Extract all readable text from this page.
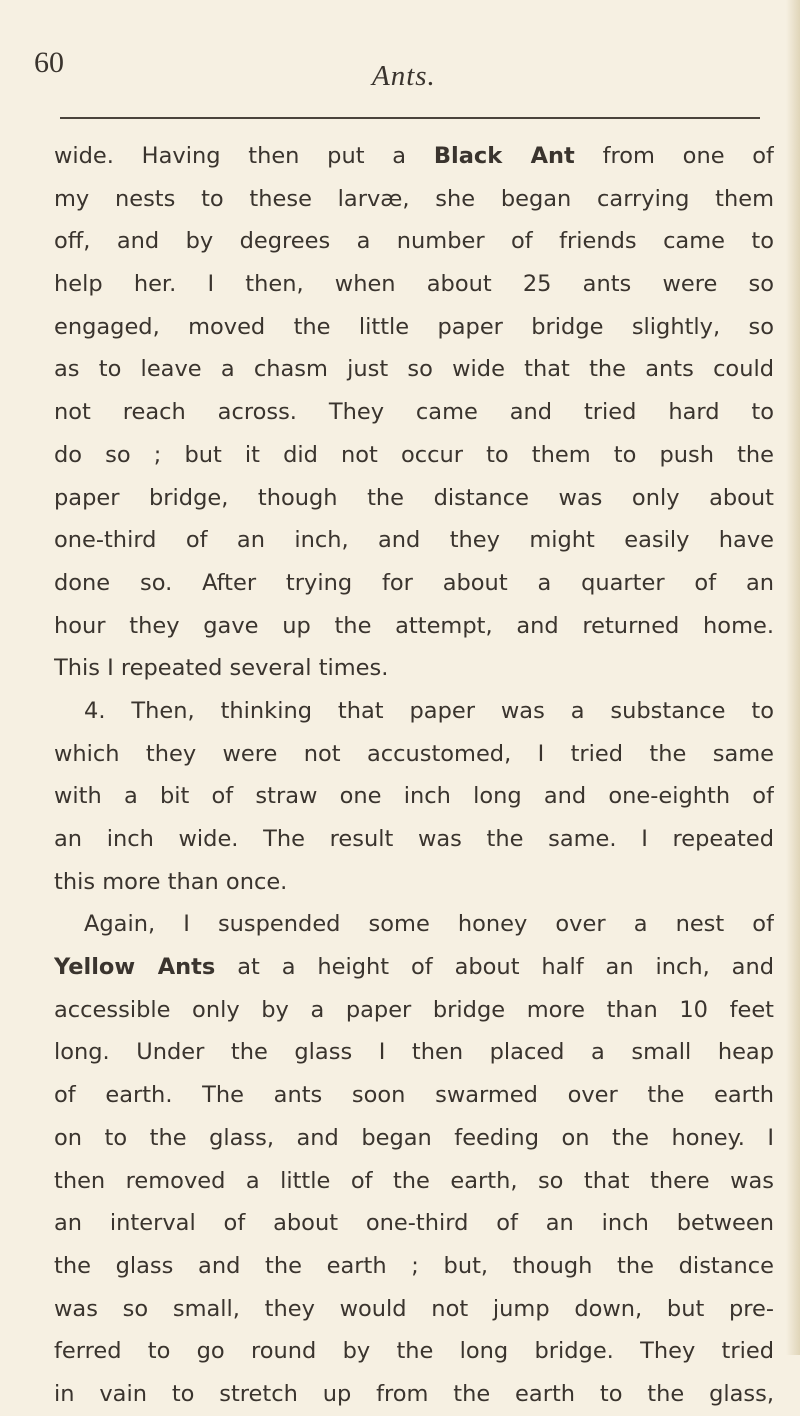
60	Ants.
wide. Having then put a Black Ant from one of
my nests to these larvæ, she began carrying them
off, and by degrees a number of friends came to
help her. I then, when about 25 ants were so
engaged, moved the little paper bridge slightly, so
as to leave a chasm just so wide that the ants could
not reach across. They came and tried hard to
do so ; but it did not occur to them to push the
paper bridge, though the distance was only about
one-third of an inch, and they might easily have
done so. After trying for about a quarter of an
hour they gave up the attempt, and returned home.
This I repeated several times.
4. Then, thinking that paper was a substance to
which they were not accustomed, I tried the same
with a bit of straw one inch long and one-eighth of
an inch wide. The result was the same. I repeated
this more than once.
Again, I suspended some honey over a nest of
Yellow Ants at a height of about half an inch, and
accessible only by a paper bridge more than 10 feet
long. Under the glass I then placed a small heap
of earth. The ants soon swarmed over the earth
on to the glass, and began feeding on the honey. I
then removed a little of the earth, so that there was
an interval of about one-third of an inch between
the glass and the earth ; but, though the distance
was so small, they would not jump down, but pre-
ferred to go round by the long bridge. They tried
in vain to stretch up from the earth to the glass,
